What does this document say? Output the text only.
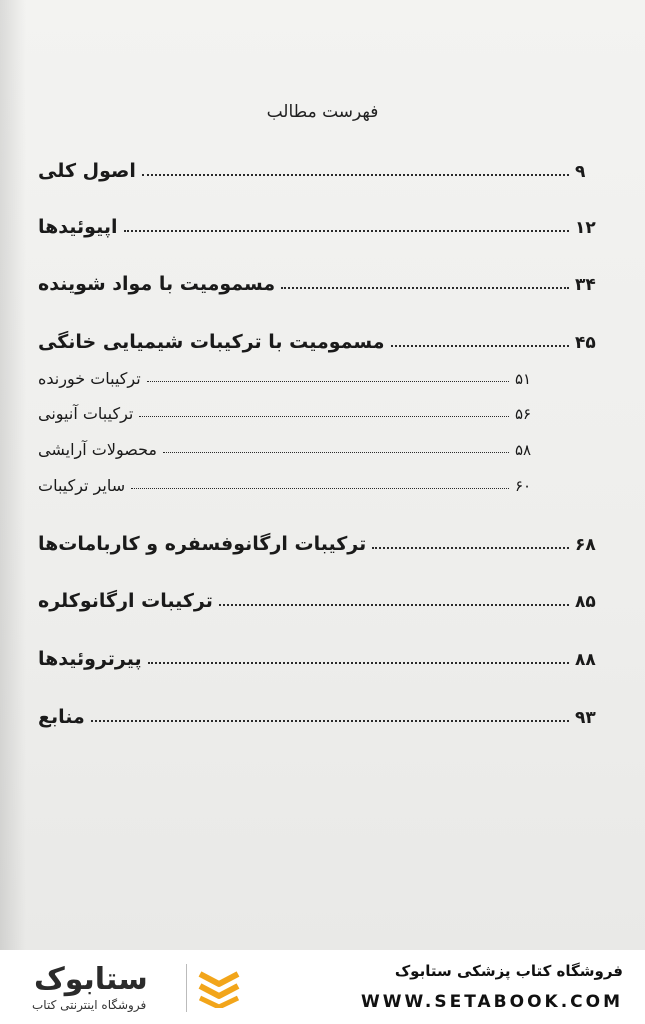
فهرست مطالب
اصول کلی	۹
اپیوئیدها	۱۲
مسمومیت با مواد شوینده	۳۴
مسمومیت با ترکیبات شیمیایی خانگی	۴۵
ترکیبات خورنده	۵۱
ترکیبات آنیونی	۵۶
محصولات آرایشی	۵۸
سایر ترکیبات	۶۰
ترکیبات ارگانوفسفره و کاربامات‌ها	۶۸
ترکیبات ارگانوکلره	۸۵
پیرتروئیدها	۸۸
منابع	۹۳
ستابوک
فروشگاه اینترنتی کتاب
فروشگاه کتاب پزشکی ستابوک
WWW.SETABOOK.COM
